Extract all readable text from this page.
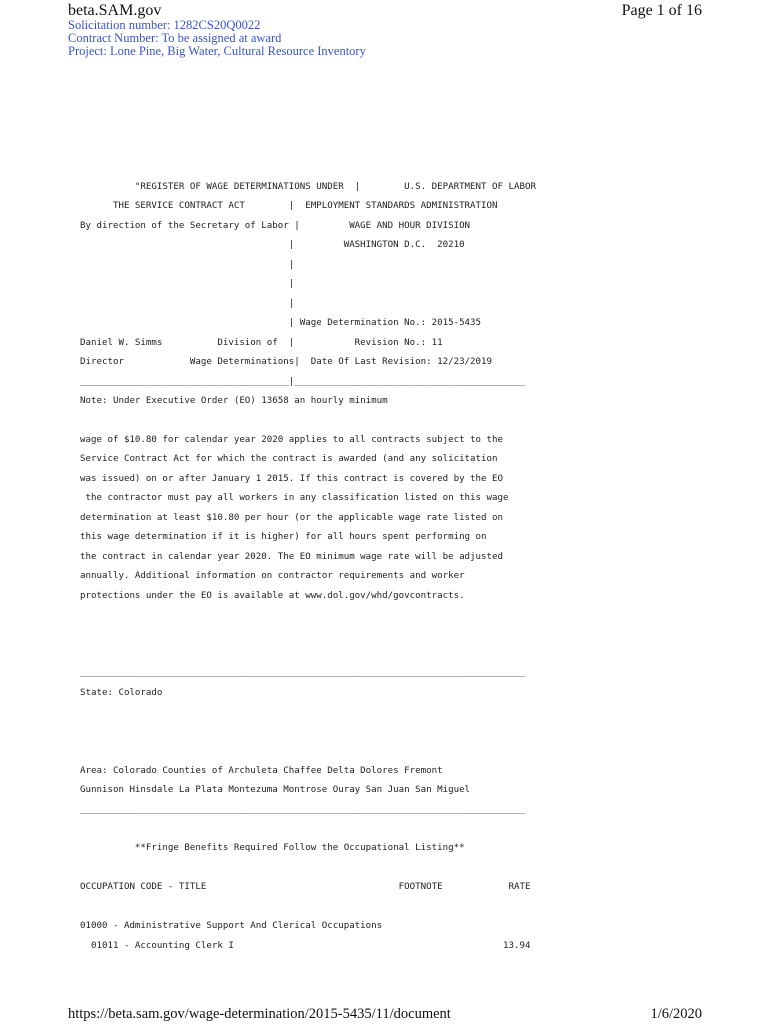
beta.SAM.gov	Page 1 of 16
Solicitation number: 1282CS20Q0022
Contract Number: To be assigned at award
Project: Lone Pine, Big Water, Cultural Resource Inventory
"REGISTER OF WAGE DETERMINATIONS UNDER  |        U.S. DEPARTMENT OF LABOR
THE SERVICE CONTRACT ACT        |  EMPLOYMENT STANDARDS ADMINISTRATION
By direction of the Secretary of Labor |         WAGE AND HOUR DIVISION
|         WASHINGTON D.C.  20210
|
|
|
| Wage Determination No.: 2015-5435
Daniel W. Simms          Division of  |           Revision No.: 11
Director            Wage Determinations|  Date Of Last Revision: 12/23/2019
______________________________________|__________________________________________
Note: Under Executive Order (EO) 13658 an hourly minimum

wage of $10.80 for calendar year 2020 applies to all contracts subject to the
Service Contract Act for which the contract is awarded (and any solicitation
was issued) on or after January 1 2015. If this contract is covered by the EO
the contractor must pay all workers in any classification listed on this wage
determination at least $10.80 per hour (or the applicable wage rate listed on
this wage determination if it is higher) for all hours spent performing on
the contract in calendar year 2020. The EO minimum wage rate will be adjusted
annually. Additional information on contractor requirements and worker
protections under the EO is available at www.dol.gov/whd/govcontracts.

_________________________________________________________________________________
State: Colorado

Area: Colorado Counties of Archuleta Chaffee Delta Dolores Fremont
Gunnison Hinsdale La Plata Montezuma Montrose Ouray San Juan San Miguel
_________________________________________________________________________________

**Fringe Benefits Required Follow the Occupational Listing**

OCCUPATION CODE - TITLE                                   FOOTNOTE            RATE

01000 - Administrative Support And Clerical Occupations
01011 - Accounting Clerk I                                                 13.94
https://beta.sam.gov/wage-determination/2015-5435/11/document	1/6/2020
